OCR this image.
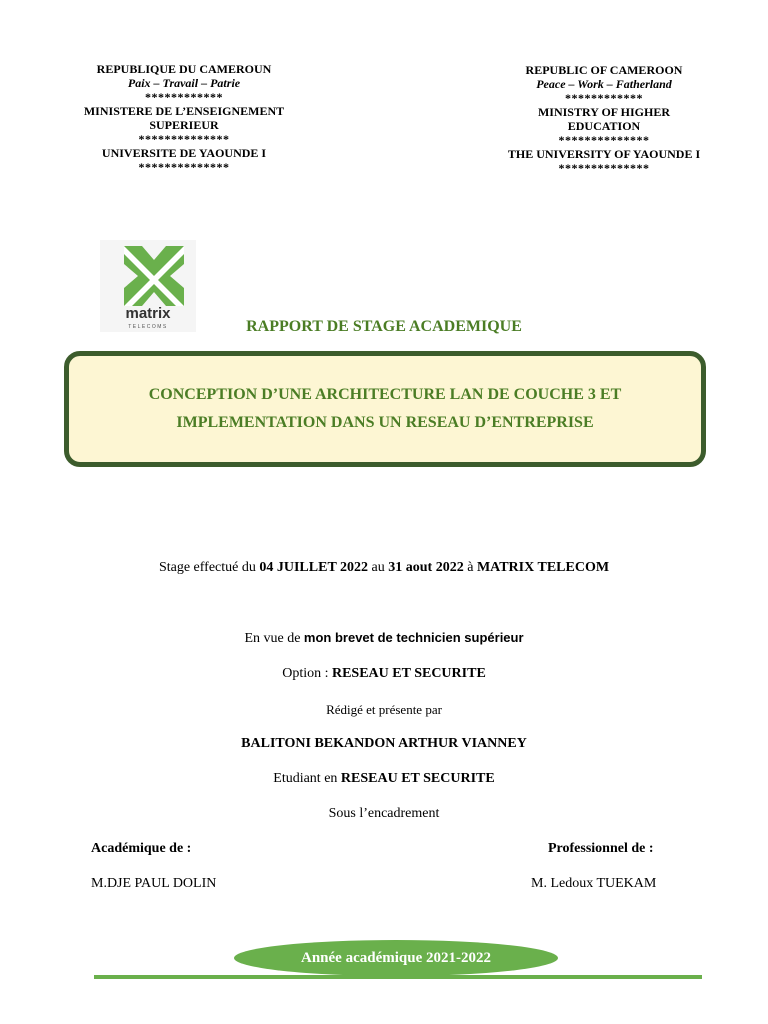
REPUBLIQUE DU CAMEROUN
Paix – Travail – Patrie
************
MINISTERE DE L’ENSEIGNEMENT
SUPERIEUR
**************
UNIVERSITE DE YAOUNDE I
**************
REPUBLIC OF CAMEROON
Peace – Work – Fatherland
************
MINISTRY OF HIGHER
EDUCATION
**************
THE UNIVERSITY OF YAOUNDE I
**************
matrix
TELECOMS	RAPPORT DE STAGE ACADEMIQUE
CONCEPTION D’UNE ARCHITECTURE LAN DE COUCHE 3 ET
IMPLEMENTATION DANS UN RESEAU D’ENTREPRISE
Stage effectué du 04 JUILLET 2022 au 31 aout 2022 à MATRIX TELECOM
En vue de mon brevet de technicien supérieur
Option : RESEAU ET SECURITE
Rédigé et présente par
BALITONI BEKANDON ARTHUR VIANNEY
Etudiant en RESEAU ET SECURITE
Sous l’encadrement
Académique de :	Professionnel de :
M.DJE PAUL DOLIN	M. Ledoux TUEKAM
Année académique 2021-2022
